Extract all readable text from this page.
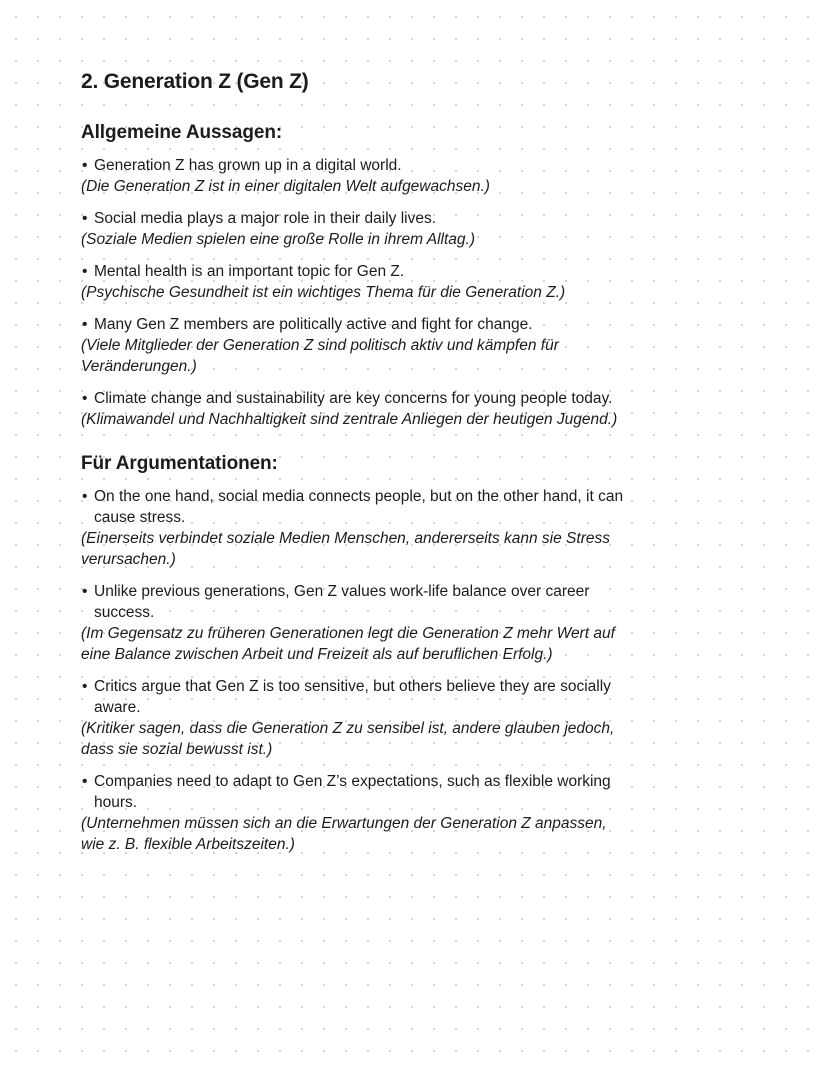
2. Generation Z (Gen Z)
Allgemeine Aussagen:
• Generation Z has grown up in a digital world.
(Die Generation Z ist in einer digitalen Welt aufgewachsen.)
• Social media plays a major role in their daily lives.
(Soziale Medien spielen eine große Rolle in ihrem Alltag.)
• Mental health is an important topic for Gen Z.
(Psychische Gesundheit ist ein wichtiges Thema für die Generation Z.)
• Many Gen Z members are politically active and fight for change.
(Viele Mitglieder der Generation Z sind politisch aktiv und kämpfen für Veränderungen.)
• Climate change and sustainability are key concerns for young people today.
(Klimawandel und Nachhaltigkeit sind zentrale Anliegen der heutigen Jugend.)
Für Argumentationen:
• On the one hand, social media connects people, but on the other hand, it can cause stress.
(Einerseits verbindet soziale Medien Menschen, andererseits kann sie Stress verursachen.)
• Unlike previous generations, Gen Z values work-life balance over career success.
(Im Gegensatz zu früheren Generationen legt die Generation Z mehr Wert auf eine Balance zwischen Arbeit und Freizeit als auf beruflichen Erfolg.)
• Critics argue that Gen Z is too sensitive, but others believe they are socially aware.
(Kritiker sagen, dass die Generation Z zu sensibel ist, andere glauben jedoch, dass sie sozial bewusst ist.)
• Companies need to adapt to Gen Z’s expectations, such as flexible working hours.
(Unternehmen müssen sich an die Erwartungen der Generation Z anpassen, wie z. B. flexible Arbeitszeiten.)
